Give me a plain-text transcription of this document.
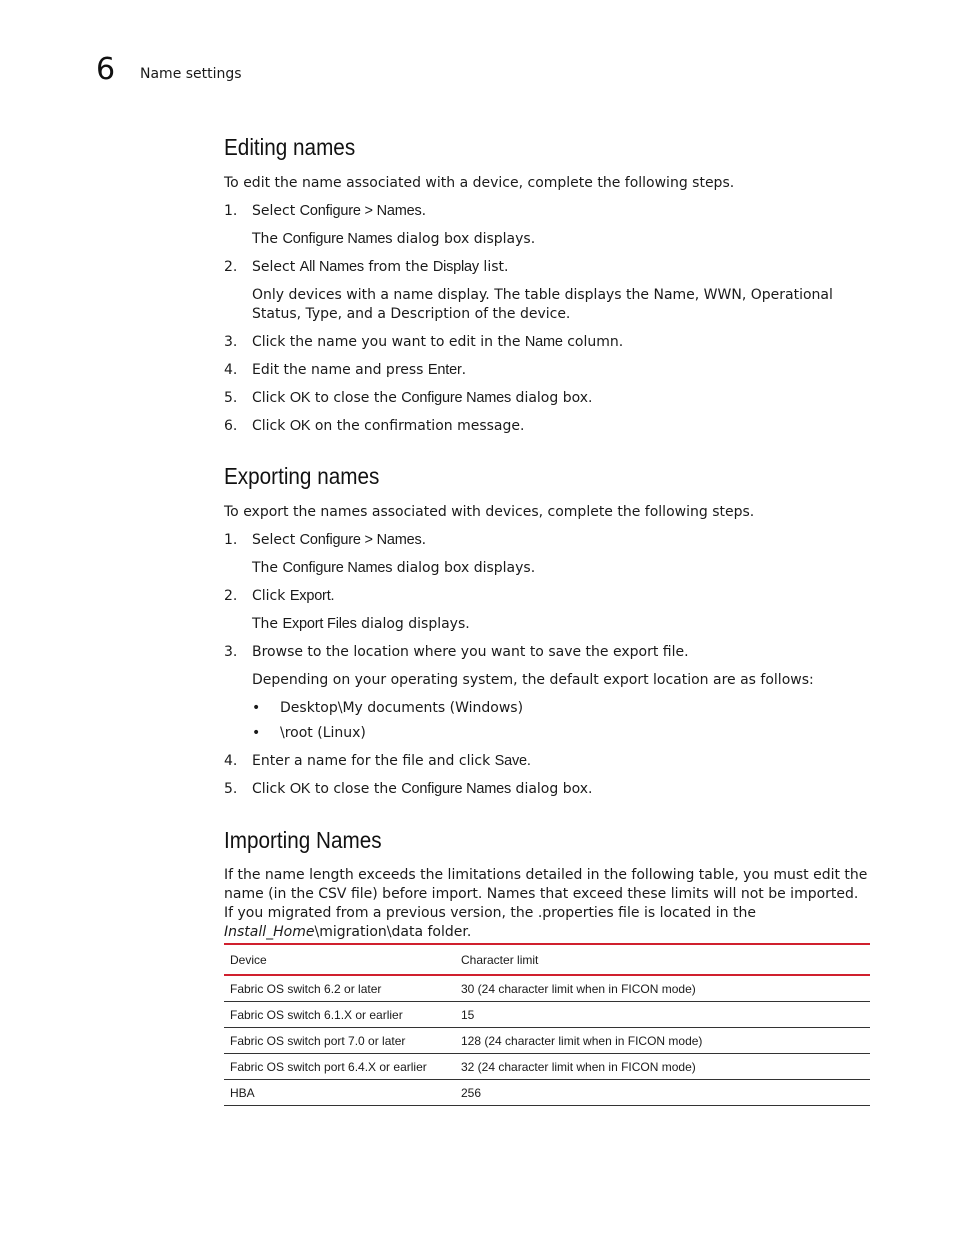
6 Name settings
Editing names
To edit the name associated with a device, complete the following steps.
1. Select Configure > Names.
The Configure Names dialog box displays.
2. Select All Names from the Display list.
Only devices with a name display. The table displays the Name, WWN, Operational Status, Type, and a Description of the device.
3. Click the name you want to edit in the Name column.
4. Edit the name and press Enter.
5. Click OK to close the Configure Names dialog box.
6. Click OK on the confirmation message.
Exporting names
To export the names associated with devices, complete the following steps.
1. Select Configure > Names.
The Configure Names dialog box displays.
2. Click Export.
The Export Files dialog displays.
3. Browse to the location where you want to save the export file.
Depending on your operating system, the default export location are as follows:
• Desktop\My documents (Windows)
• \root (Linux)
4. Enter a name for the file and click Save.
5. Click OK to close the Configure Names dialog box.
Importing Names
If the name length exceeds the limitations detailed in the following table, you must edit the name (in the CSV file) before import. Names that exceed these limits will not be imported. If you migrated from a previous version, the .properties file is located in the Install_Home\migration\data folder.
Device	Character limit
Fabric OS switch 6.2 or later	30 (24 character limit when in FICON mode)
Fabric OS switch 6.1.X or earlier	15
Fabric OS switch port 7.0 or later	128 (24 character limit when in FICON mode)
Fabric OS switch port 6.4.X or earlier	32 (24 character limit when in FICON mode)
HBA	256
